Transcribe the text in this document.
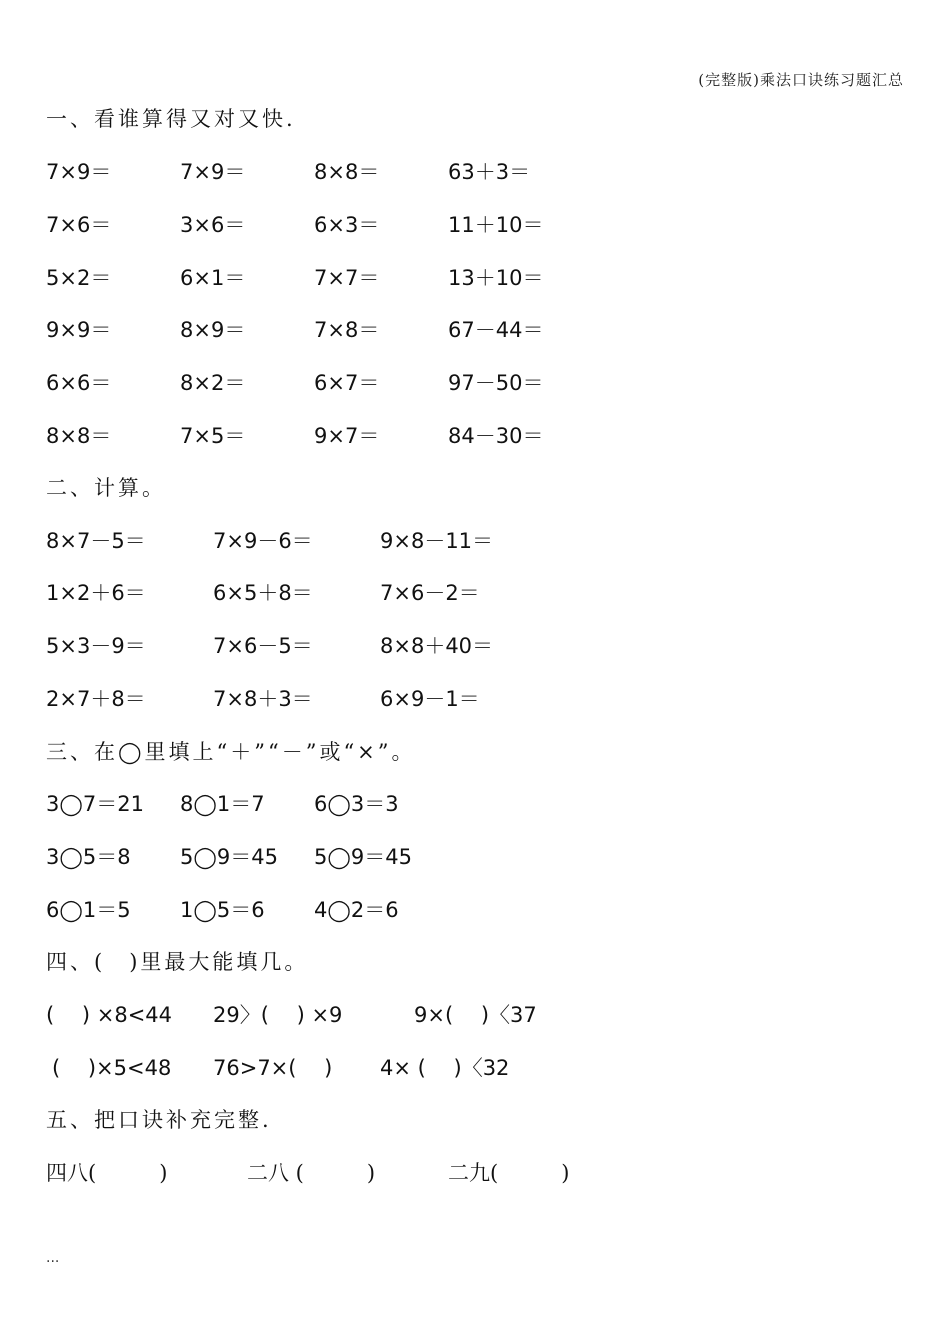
(完整版)乘法口诀练习题汇总
一、看谁算得又对又快.
7×9＝	7×9＝	8×8＝	63＋3＝
7×6＝	3×6＝	6×3＝	11＋10＝
5×2＝	6×1＝	7×7＝	13＋10＝
9×9＝	8×9＝	7×8＝	67－44＝
6×6＝	8×2＝	6×7＝	97－50＝
8×8＝	7×5＝	9×7＝	84－30＝
二、计算。
8×7－5＝	7×9－6＝	9×8－11＝
1×2＋6＝	6×5＋8＝	7×6－2＝
5×3－9＝	7×6－5＝	8×8＋40＝
2×7＋8＝	7×8＋3＝	6×9－1＝
三、在◯里填上“＋”“－”或“×”。
3◯7＝21 8◯1＝7 6◯3＝3
3◯5＝8 5◯9＝45 5◯9＝45
6◯1＝5 1◯5＝6 4◯2＝6
四、(　)里最大能填几。
(　 ) ×8<44 29〉(　 ) ×9	9×(　 )〈37
(　 )×5<48 76>7×(　 ) 4× (　 )〈32
五、把口诀补充完整.
四八(　　　)	二八 (　　　)	二九(　　　)
...
